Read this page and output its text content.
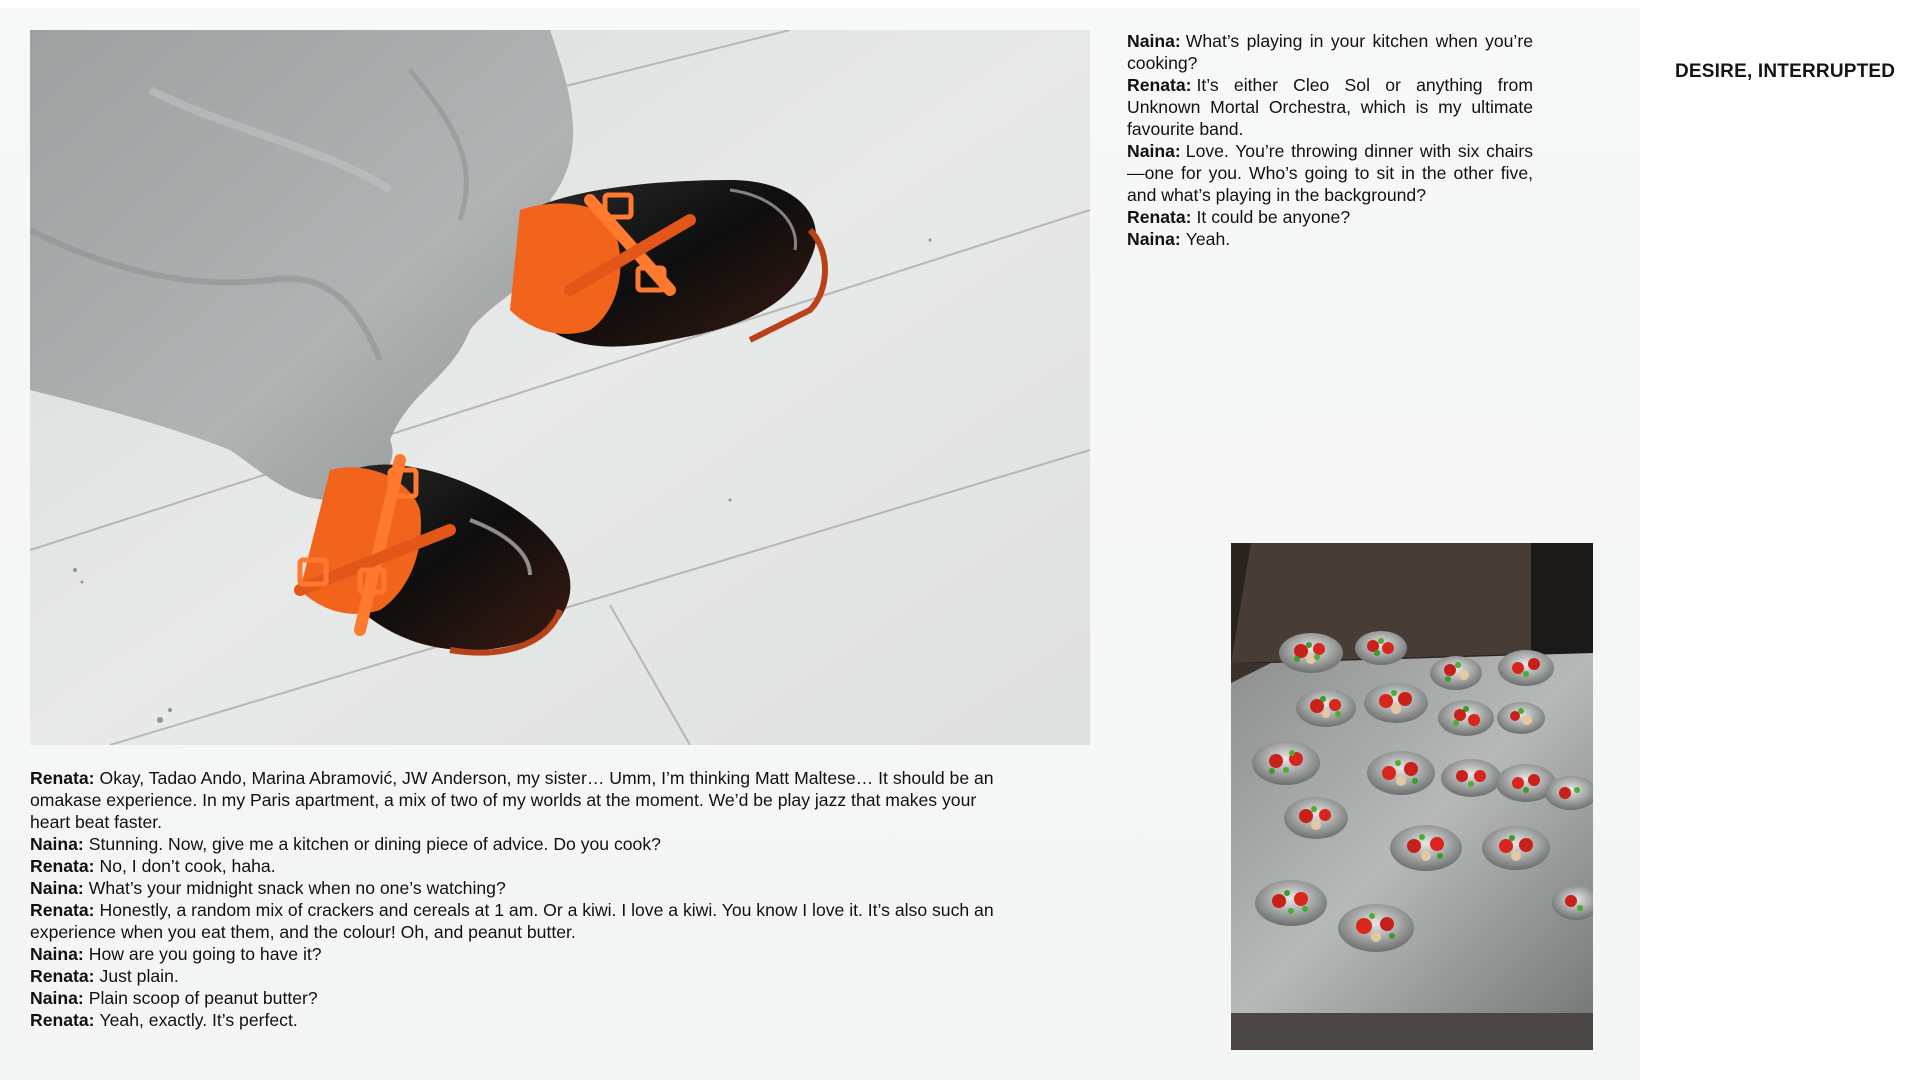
Naina: What’s playing in your kitchen when you’re cooking?
Renata: It’s either Cleo Sol or anything from Unknown Mortal Orchestra, which is my ultimate favourite band.
Naina: Love. You’re throwing dinner with six chairs—one for you. Who’s going to sit in the other five, and what’s playing in the background?
Renata: It could be anyone?
Naina: Yeah.
DESIRE, INTERRUPTED
Renata: Okay, Tadao Ando, Marina Abramović, JW Anderson, my sister… Umm, I’m thinking Matt Maltese… It should be an omakase experience. In my Paris apartment, a mix of two of my worlds at the moment. We’d be play jazz that makes your heart beat faster.
Naina: Stunning. Now, give me a kitchen or dining piece of advice. Do you cook?
Renata: No, I don’t cook, haha.
Naina: What’s your midnight snack when no one’s watching?
Renata: Honestly, a random mix of crackers and cereals at 1 am. Or a kiwi. I love a kiwi. You know I love it. It’s also such an experience when you eat them, and the colour! Oh, and peanut butter.
Naina: How are you going to have it?
Renata: Just plain.
Naina: Plain scoop of peanut butter?
Renata: Yeah, exactly. It’s perfect.
